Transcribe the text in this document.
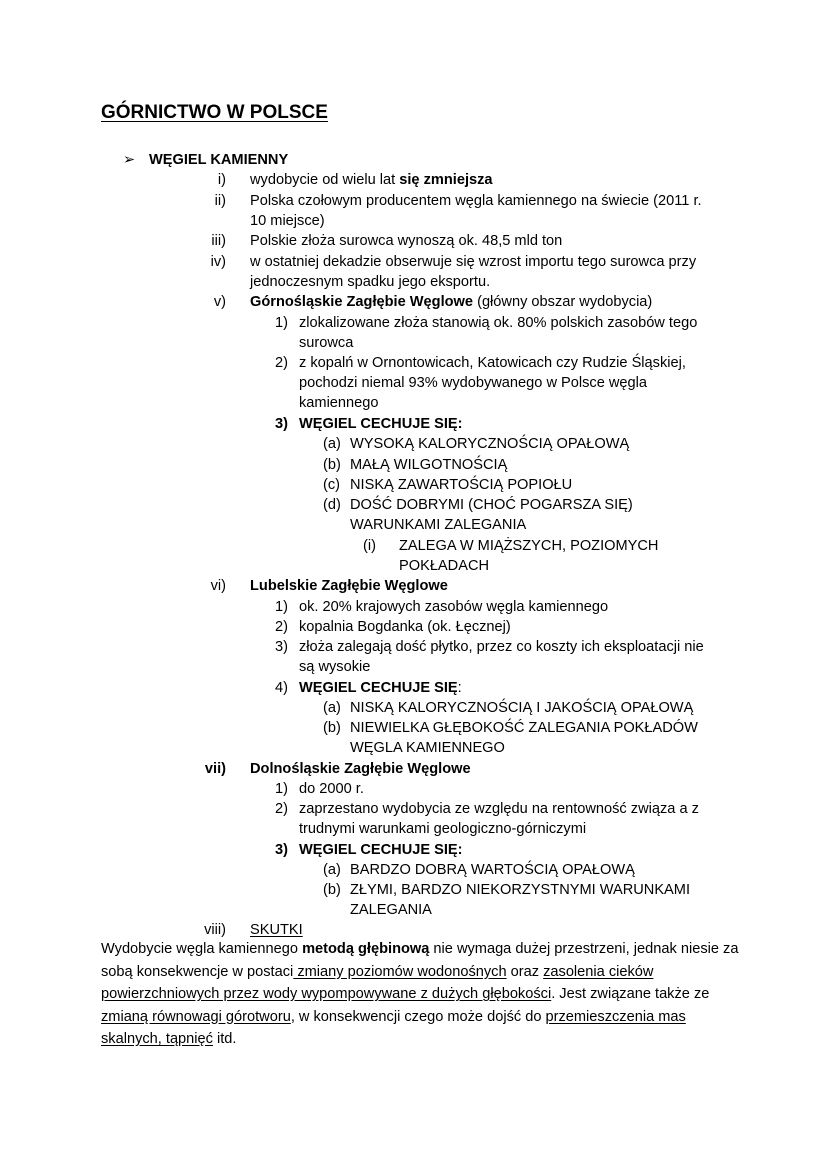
GÓRNICTWO W POLSCE
➢ WĘGIEL KAMIENNY
i) wydobycie od wielu lat się zmniejsza
ii) Polska czołowym producentem węgla kamiennego na świecie (2011 r.
10 miejsce)
iii) Polskie złoża surowca wynoszą ok. 48,5 mld ton
iv) w ostatniej dekadzie obserwuje się wzrost importu tego surowca przy
jednoczesnym spadku jego eksportu.
v) Górnośląskie Zagłębie Węglowe (główny obszar wydobycia)
1) zlokalizowane złoża stanowią ok. 80% polskich zasobów tego
surowca
2) z kopalń w Ornontowicach, Katowicach czy Rudzie Śląskiej,
pochodzi niemal 93% wydobywanego w Polsce węgla
kamiennego
3) WĘGIEL CECHUJE SIĘ:
(a) WYSOKĄ KALORYCZNOŚCIĄ OPAŁOWĄ
(b) MAŁĄ WILGOTNOŚCIĄ
(c) NISKĄ ZAWARTOŚCIĄ POPIOŁU
(d) DOŚĆ DOBRYMI (CHOĆ POGARSZA SIĘ)
WARUNKAMI ZALEGANIA
(i) ZALEGA W MIĄŻSZYCH, POZIOMYCH
POKŁADACH
vi) Lubelskie Zagłębie Węglowe
1) ok. 20% krajowych zasobów węgla kamiennego
2) kopalnia Bogdanka (ok. Łęcznej)
3) złoża zalegają dość płytko, przez co koszty ich eksploatacji nie
są wysokie
4) WĘGIEL CECHUJE SIĘ:
(a) NISKĄ KALORYCZNOŚCIĄ I JAKOŚCIĄ OPAŁOWĄ
(b) NIEWIELKA GŁĘBOKOŚĆ ZALEGANIA POKŁADÓW
WĘGLA KAMIENNEGO
vii) Dolnośląskie Zagłębie Węglowe
1) do 2000 r.
2) zaprzestano wydobycia ze względu na rentowność związa a z
trudnymi warunkami geologiczno-górniczymi
3) WĘGIEL CECHUJE SIĘ:
(a) BARDZO DOBRĄ WARTOŚCIĄ OPAŁOWĄ
(b) ZŁYMI, BARDZO NIEKORZYSTNYMI WARUNKAMI
ZALEGANIA
viii) SKUTKI
Wydobycie węgla kamiennego metodą głębinową nie wymaga dużej przestrzeni, jednak niesie za sobą konsekwencje w postaci zmiany poziomów wodonośnych oraz zasolenia cieków powierzchniowych przez wody wypompowywane z dużych głębokości. Jest związane także ze zmianą równowagi górotworu, w konsekwencji czego może dojść do przemieszczenia mas skalnych, tąpnięć itd.
